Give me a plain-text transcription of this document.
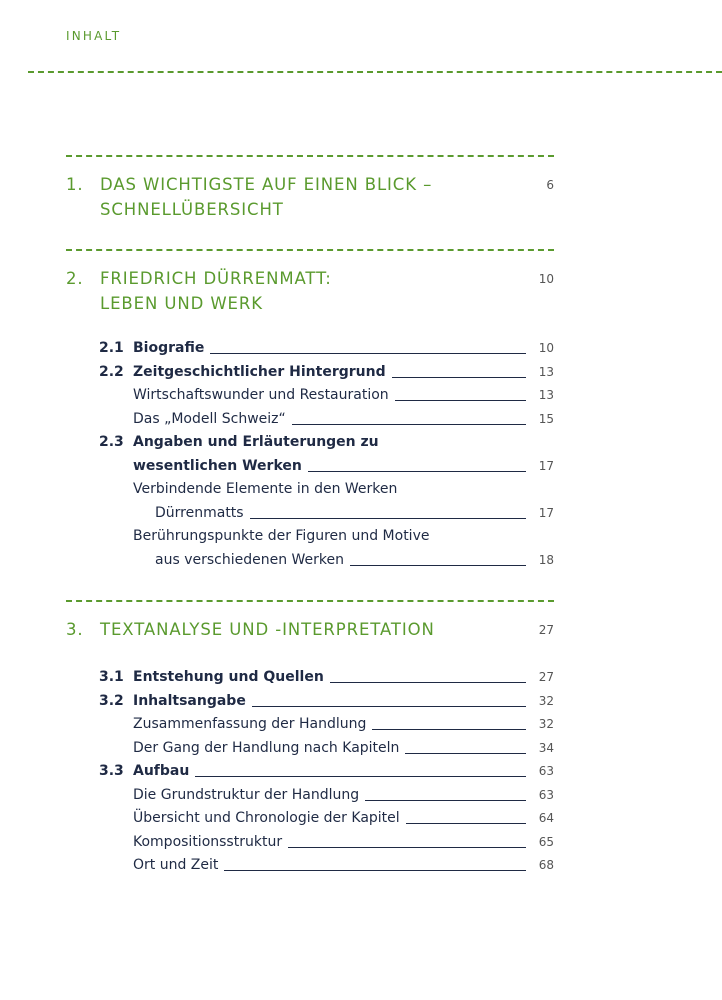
INHALT
1. DAS WICHTIGSTE AUF EINEN BLICK –
SCHNELLÜBERSICHT
6
2. FRIEDRICH DÜRRENMATT:
LEBEN UND WERK
10
2.1 Biografie	10
2.2 Zeitgeschichtlicher Hintergrund	13
Wirtschaftswunder und Restauration	13
Das „Modell Schweiz“	15
2.3 Angaben und Erläuterungen zu
wesentlichen Werken	17
Verbindende Elemente in den Werken
Dürrenmatts	17
Berührungspunkte der Figuren und Motive
aus verschiedenen Werken	18
3. TEXTANALYSE UND -INTERPRETATION	27
3.1 Entstehung und Quellen	27
3.2 Inhaltsangabe	32
Zusammenfassung der Handlung	32
Der Gang der Handlung nach Kapiteln	34
3.3 Aufbau	63
Die Grundstruktur der Handlung	63
Übersicht und Chronologie der Kapitel	64
Kompositionsstruktur	65
Ort und Zeit	68
